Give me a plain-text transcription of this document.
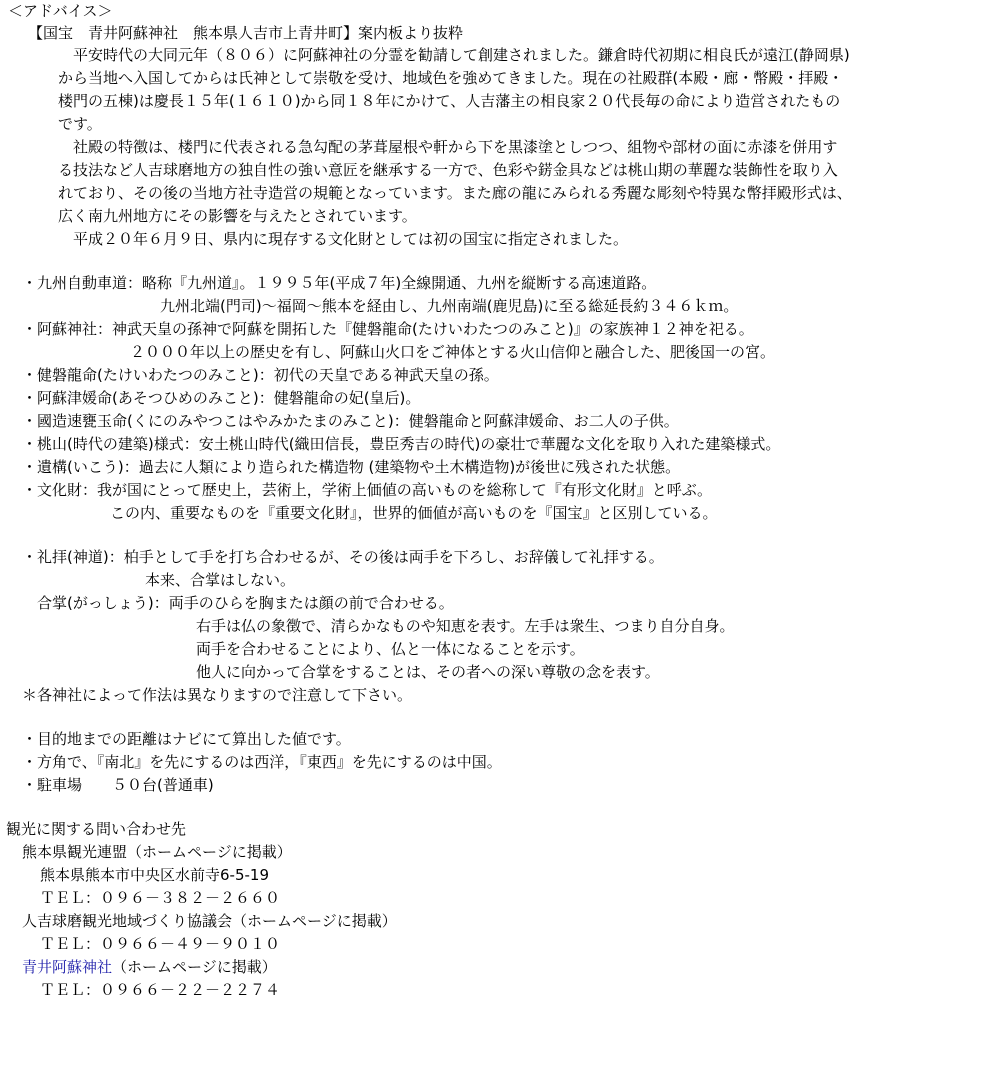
＜アドバイス＞
【国宝　青井阿蘇神社　熊本県人吉市上青井町】案内板より抜粋
平安時代の大同元年（８０６）に阿蘇神社の分霊を勧請して創建されました。鎌倉時代初期に相良氏が遠江(静岡県)
から当地へ入国してからは氏神として崇敬を受け、地域色を強めてきました。現在の社殿群(本殿・廊・幣殿・拝殿・
楼門の五棟)は慶長１５年(１６１０)から同１８年にかけて、人吉藩主の相良家２０代長毎の命により造営されたもの
です。
社殿の特徴は、楼門に代表される急勾配の茅葺屋根や軒から下を黒漆塗としつつ、組物や部材の面に赤漆を併用す
る技法など人吉球磨地方の独自性の強い意匠を継承する一方で、色彩や錺金具などは桃山期の華麗な装飾性を取り入
れており、その後の当地方社寺造営の規範となっています。また廊の龍にみられる秀麗な彫刻や特異な幣拝殿形式は、
広く南九州地方にその影響を与えたとされています。
平成２０年６月９日、県内に現存する文化財としては初の国宝に指定されました。
・九州自動車道：略称『九州道』。１９９５年(平成７年)全線開通、九州を縦断する高速道路。
九州北端(門司)～福岡～熊本を経由し、九州南端(鹿児島)に至る総延長約３４６ｋｍ。
・阿蘇神社：神武天皇の孫神で阿蘇を開拓した『健磐龍命(たけいわたつのみこと)』の家族神１２神を祀る。
２０００年以上の歴史を有し、阿蘇山火口をご神体とする火山信仰と融合した、肥後国一の宮。
・健磐龍命(たけいわたつのみこと)：初代の天皇である神武天皇の孫。
・阿蘇津媛命(あそつひめのみこと)：健磐龍命の妃(皇后)。
・國造速甕玉命(くにのみやつこはやみかたまのみこと)：健磐龍命と阿蘇津媛命、お二人の子供。
・桃山(時代の建築)様式：安土桃山時代(織田信長，豊臣秀吉の時代)の豪壮で華麗な文化を取り入れた建築様式。
・遺構(いこう)：過去に人類により造られた構造物 (建築物や土木構造物)が後世に残された状態。
・文化財：我が国にとって歴史上，芸術上，学術上価値の高いものを総称して『有形文化財』と呼ぶ。
この内、重要なものを『重要文化財』，世界的価値が高いものを『国宝』と区別している。
・礼拝(神道)：柏手として手を打ち合わせるが、その後は両手を下ろし、お辞儀して礼拝する。
本来、合掌はしない。
合掌(がっしょう)：両手のひらを胸または顔の前で合わせる。
右手は仏の象徴で、清らかなものや知恵を表す。左手は衆生、つまり自分自身。
両手を合わせることにより、仏と一体になることを示す。
他人に向かって合掌をすることは、その者への深い尊敬の念を表す。
＊各神社によって作法は異なりますので注意して下さい。
・目的地までの距離はナビにて算出した値です。
・方角で、『南北』を先にするのは西洋，『東西』を先にするのは中国。
・駐車場　　５０台(普通車)
観光に関する問い合わせ先
熊本県観光連盟（ホームページに掲載）
熊本県熊本市中央区水前寺6-5-19
ＴＥＬ：０９６－３８２－２６６０
人吉球磨観光地域づくり協議会（ホームページに掲載）
ＴＥＬ：０９６６－４９－９０１０
青井阿蘇神社（ホームページに掲載）
ＴＥＬ：０９６６－２２－２２７４
